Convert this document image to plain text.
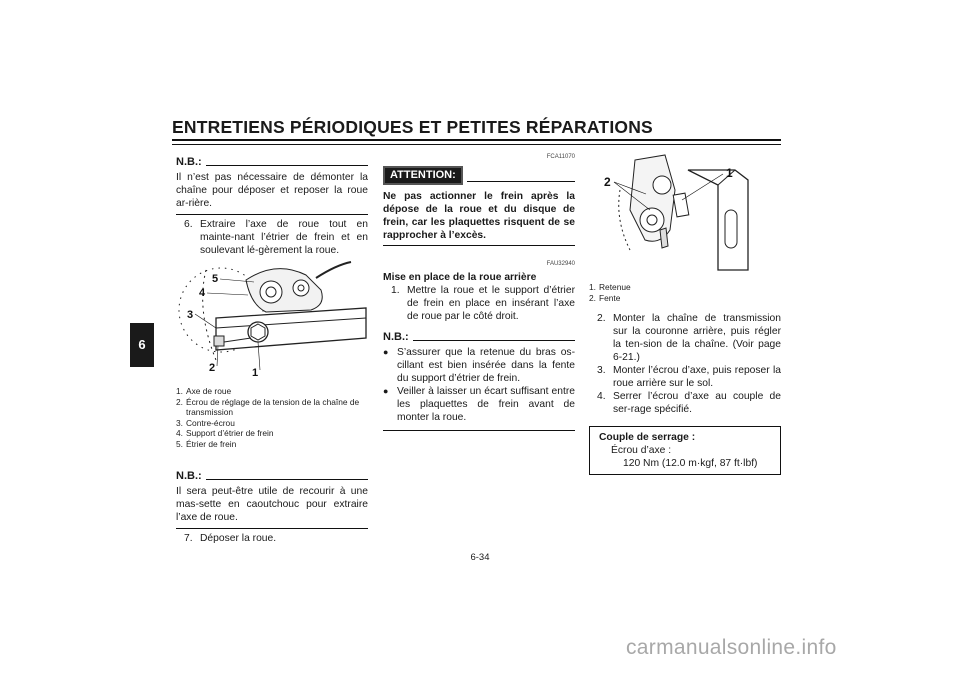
ENTRETIENS PÉRIODIQUES ET PETITES RÉPARATIONS
6
N.B.:

Il n’est pas nécessaire de démonter la chaîne pour déposer et reposer la roue ar-rière.

6. Extraire l’axe de roue tout en mainte-nant l’étrier de frein et en soulevant lé-gèrement la roue.
5
4
3
2	1
1. Axe de roue
2. Écrou de réglage de la tension de la chaîne de transmission
3. Contre-écrou
4. Support d’étrier de frein
5. Étrier de frein
N.B.:

Il sera peut-être utile de recourir à une mas-sette en caoutchouc pour extraire l’axe de roue.

7. Déposer la roue.
FCA11070
ATTENTION:

Ne pas actionner le frein après la dépose de la roue et du disque de frein, car les plaquettes risquent de se rapprocher à l’excès.

FAU32940
Mise en place de la roue arrière
1. Mettre la roue et le support d’étrier de frein en place en insérant l’axe de roue par le côté droit.
N.B.:
● S’assurer que la retenue du bras os-cillant est bien insérée dans la fente du support d’étrier de frein.
● Veiller à laisser un écart suffisant entre les plaquettes de frein avant de monter la roue.
2
1
1. Retenue
2. Fente
2. Monter la chaîne de transmission sur la couronne arrière, puis régler la ten-sion de la chaîne. (Voir page 6-21.)
3. Monter l’écrou d’axe, puis reposer la roue arrière sur le sol.
4. Serrer l’écrou d’axe au couple de ser-rage spécifié.
Couple de serrage :
Écrou d’axe :
120 Nm (12.0 m·kgf, 87 ft·lbf)
6-34
carmanualsonline.info
